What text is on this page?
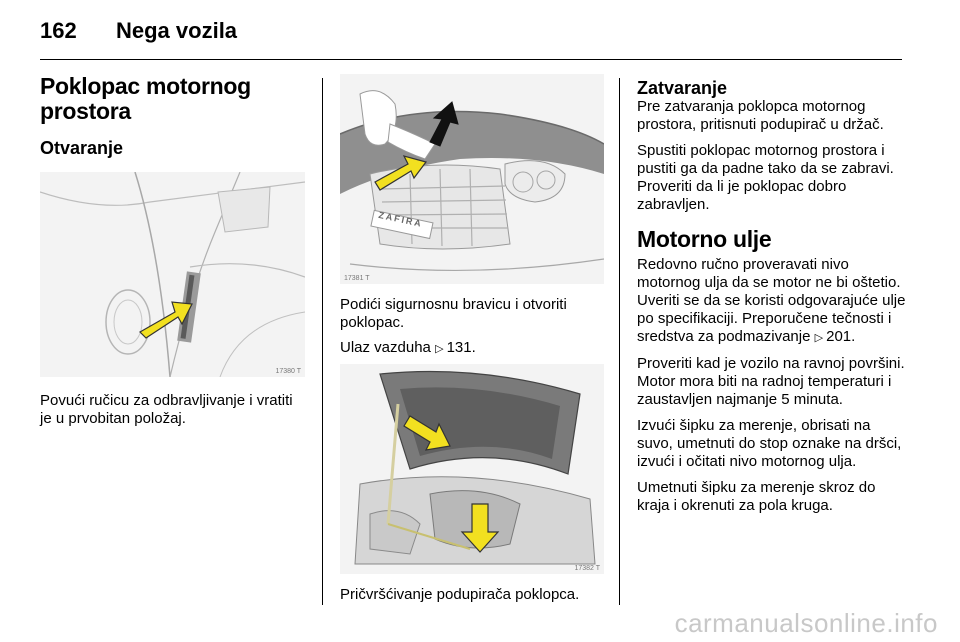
162 Nega vozila
Poklopac motornog prostora
Otvaranje
17380 T

Povući ručicu za odbravljivanje i vratiti je u prvobitan položaj.

ZAFIRA
17381 T

Podići sigurnosnu bravicu i otvoriti poklopac.

Ulaz vazduha ▷ 131.

17382 T

Pričvršćivanje podupirača poklopca.

Zatvaranje

Pre zatvaranja poklopca motornog prostora, pritisnuti podupirač u držač.

Spustiti poklopac motornog prostora i pustiti ga da padne tako da se zabravi. Proveriti da li je poklopac dobro zabravljen.

Motorno ulje

Redovno ručno proveravati nivo motornog ulja da se motor ne bi oštetio. Uveriti se da se koristi odgovarajuće ulje po specifikaciji. Preporučene tečnosti i sredstva za podmazivanje ▷ 201.

Proveriti kad je vozilo na ravnoj površini. Motor mora biti na radnoj temperaturi i zaustavljen najmanje 5 minuta.

Izvući šipku za merenje, obrisati na suvo, umetnuti do stop oznake na dršci, izvući i očitati nivo motornog ulja.

Umetnuti šipku za merenje skroz do kraja i okrenuti za pola kruga.

carmanualsonline.info
